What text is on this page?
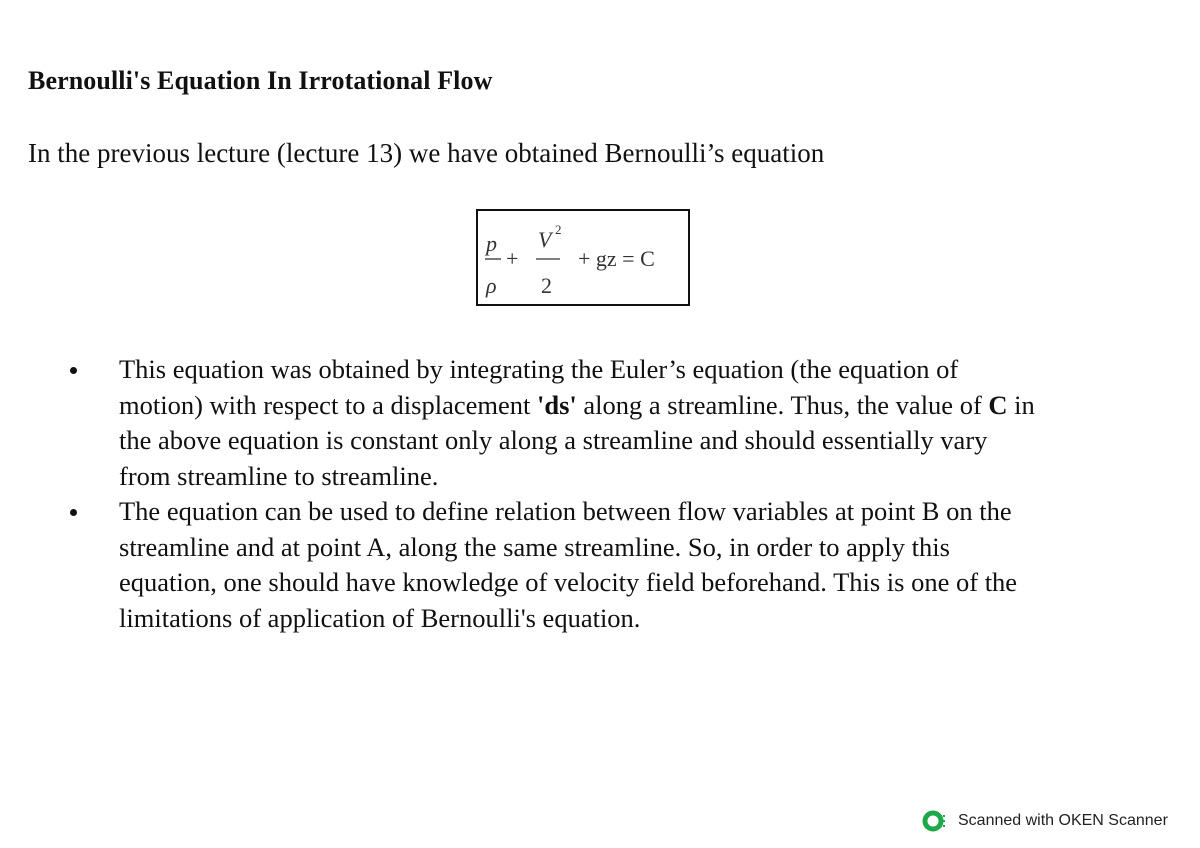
Bernoulli's Equation In Irrotational Flow
In the previous lecture (lecture 13) we have obtained Bernoulli’s equation
p
ρ
+
V 2
2
+ gz = C
This equation was obtained by integrating the Euler’s equation (the equation of
motion) with respect to a displacement 'ds' along a streamline. Thus, the value of C in
the above equation is constant only along a streamline and should essentially vary
from streamline to streamline.
The equation can be used to define relation between flow variables at point B on the
streamline and at point A, along the same streamline. So, in order to apply this
equation, one should have knowledge of velocity field beforehand. This is one of the
limitations of application of Bernoulli's equation.
Scanned with OKEN Scanner
